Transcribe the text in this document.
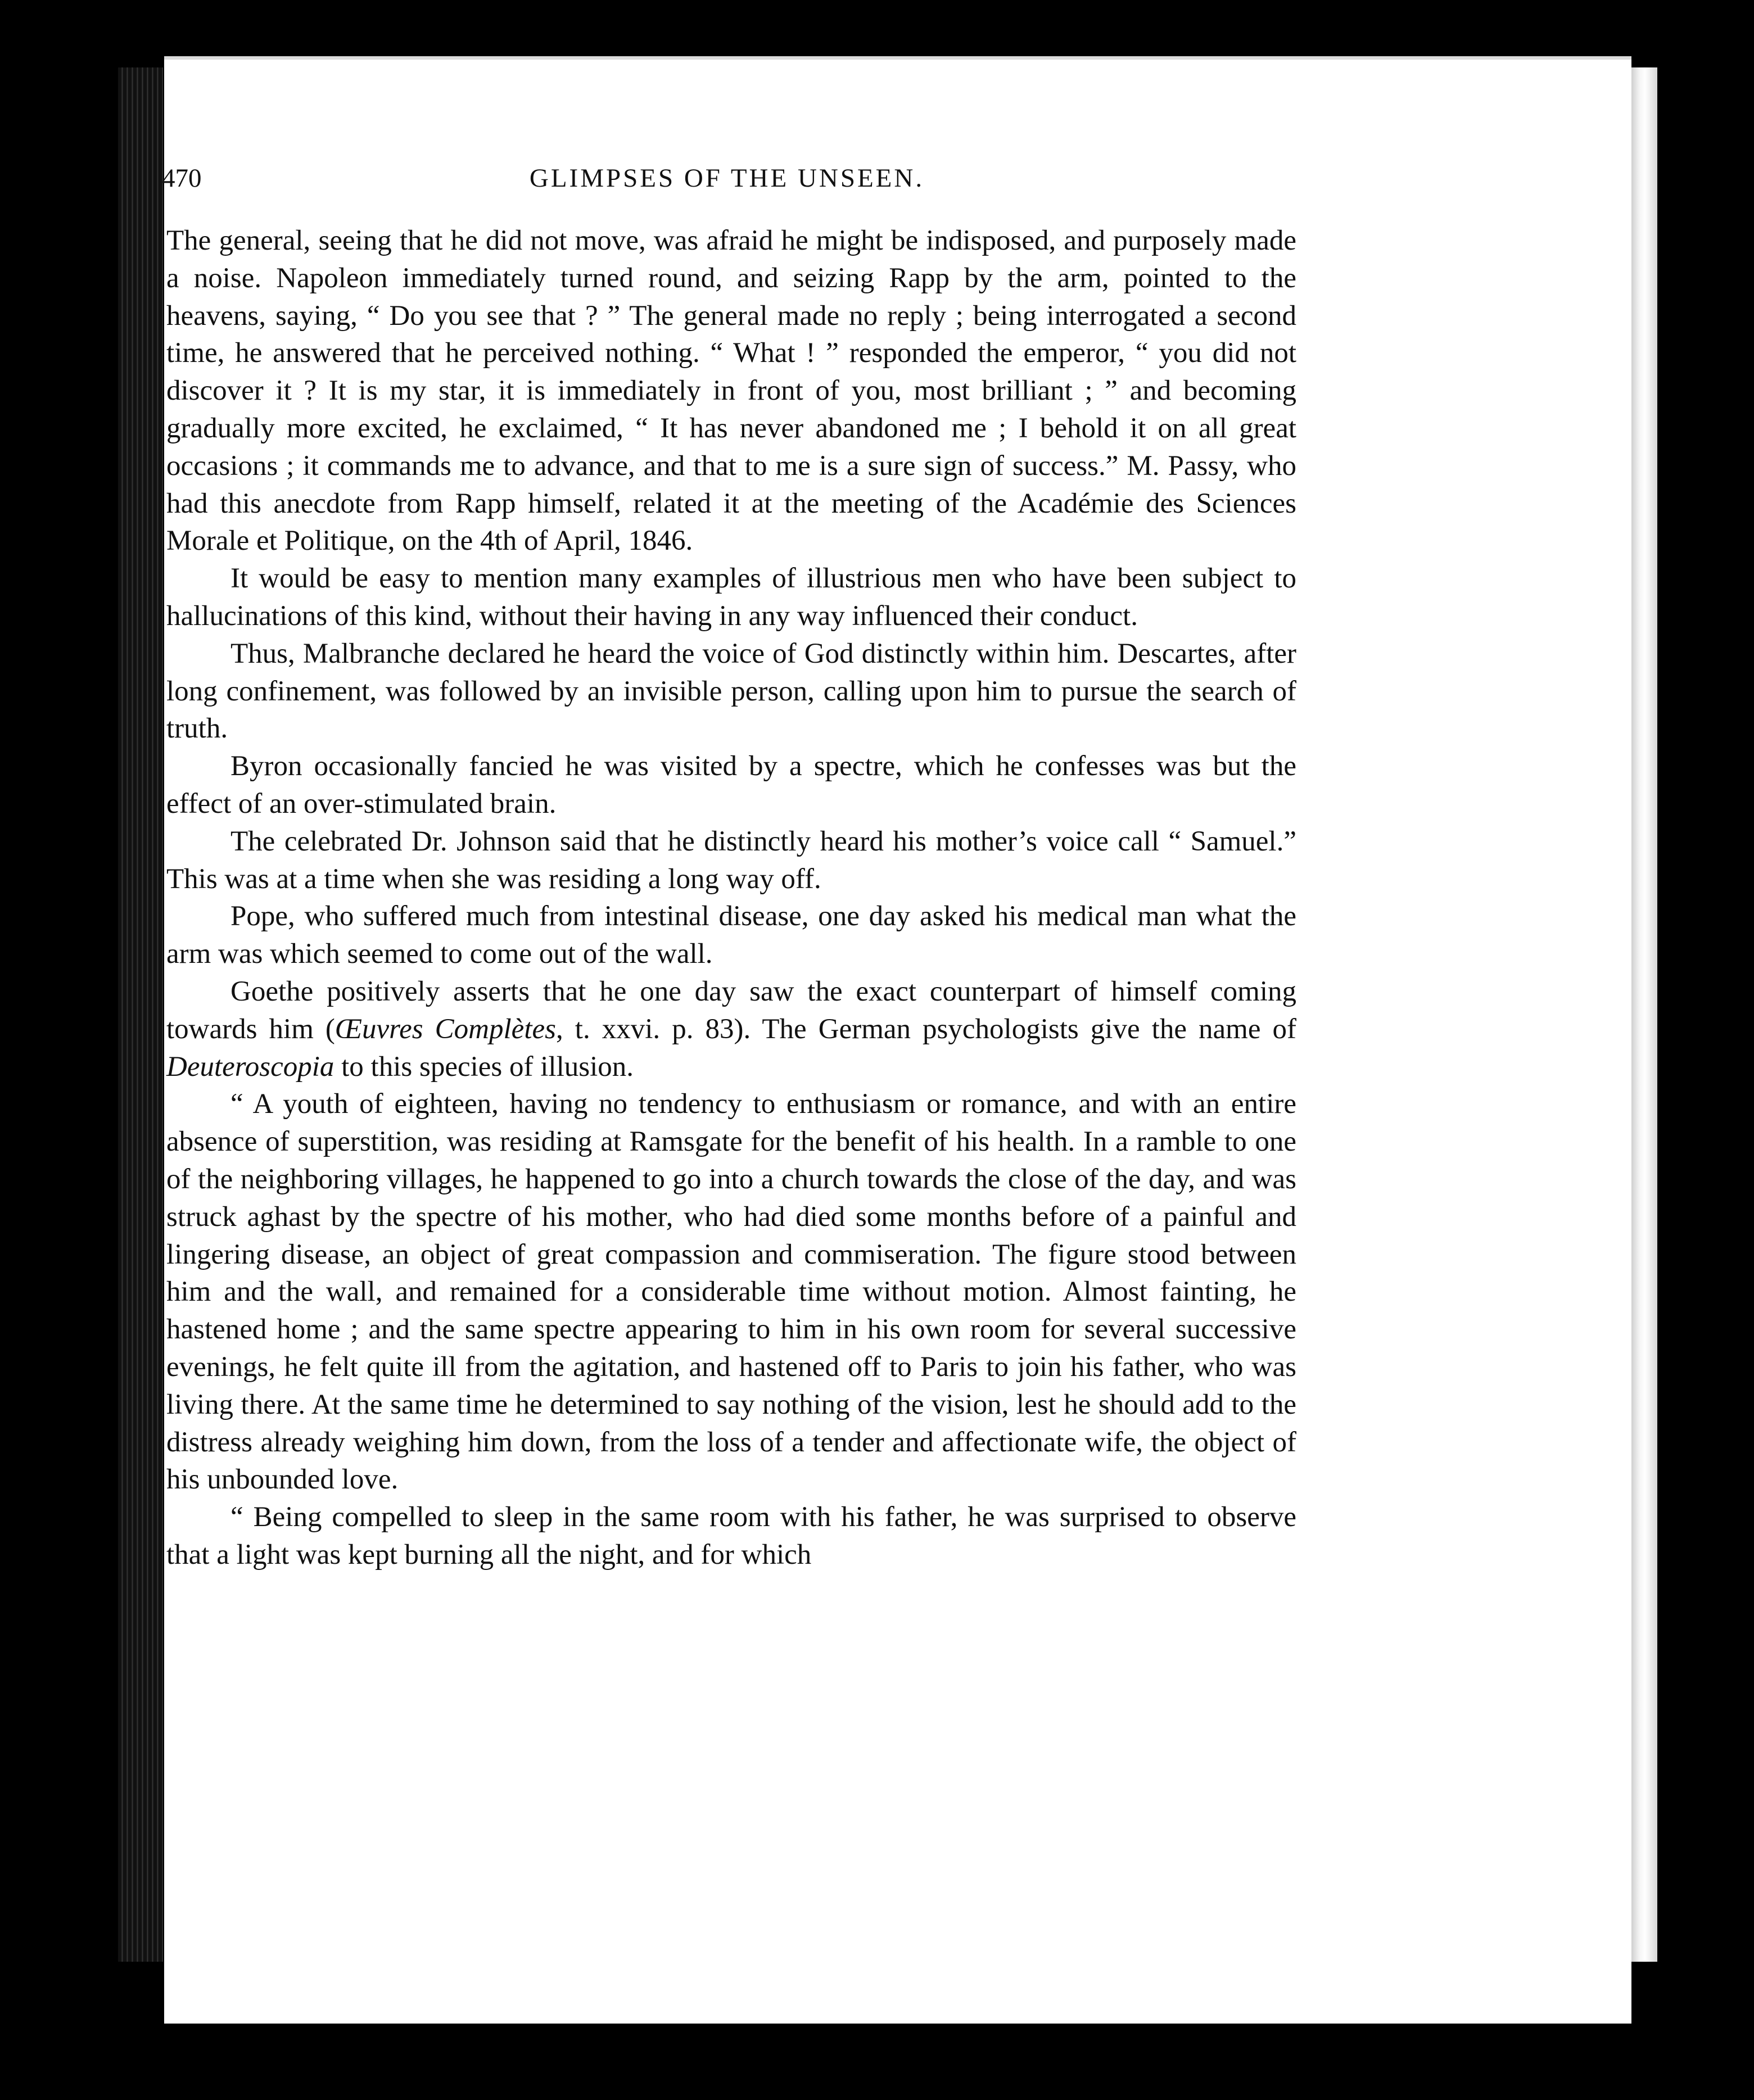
470	GLIMPSES OF THE UNSEEN.

The general, seeing that he did not move, was afraid he might be indisposed, and purposely made a noise. Napoleon immediately turned round, and seizing Rapp by the arm, pointed to the heavens, saying, “ Do you see that ? ” The general made no reply ; being interrogated a second time, he answered that he perceived nothing. “ What ! ” responded the emperor, “ you did not discover it ? It is my star, it is immediately in front of you, most brilliant ; ” and becoming gradually more excited, he exclaimed, “ It has never abandoned me ; I behold it on all great occasions ; it commands me to advance, and that to me is a sure sign of success.” M. Passy, who had this anecdote from Rapp himself, related it at the meeting of the Académie des Sciences Morale et Politique, on the 4th of April, 1846.

It would be easy to mention many examples of illustrious men who have been subject to hallucinations of this kind, without their having in any way influenced their conduct.

Thus, Malbranche declared he heard the voice of God distinctly within him. Descartes, after long confinement, was followed by an invisible person, calling upon him to pursue the search of truth.

Byron occasionally fancied he was visited by a spectre, which he confesses was but the effect of an over-stimulated brain.

The celebrated Dr. Johnson said that he distinctly heard his mother’s voice call “ Samuel.” This was at a time when she was residing a long way off.

Pope, who suffered much from intestinal disease, one day asked his medical man what the arm was which seemed to come out of the wall.

Goethe positively asserts that he one day saw the exact counterpart of himself coming towards him (Œuvres Complètes, t. xxvi. p. 83). The German psychologists give the name of Deuteroscopia to this species of illusion.

“ A youth of eighteen, having no tendency to enthusiasm or romance, and with an entire absence of superstition, was residing at Ramsgate for the benefit of his health. In a ramble to one of the neighboring villages, he happened to go into a church towards the close of the day, and was struck aghast by the spectre of his mother, who had died some months before of a painful and lingering disease, an object of great compassion and commiseration. The figure stood between him and the wall, and remained for a considerable time without motion. Almost fainting, he hastened home ; and the same spectre appearing to him in his own room for several successive evenings, he felt quite ill from the agitation, and hastened off to Paris to join his father, who was living there. At the same time he determined to say nothing of the vision, lest he should add to the distress already weighing him down, from the loss of a tender and affectionate wife, the object of his unbounded love.

“ Being compelled to sleep in the same room with his father, he was surprised to observe that a light was kept burning all the night, and for which
